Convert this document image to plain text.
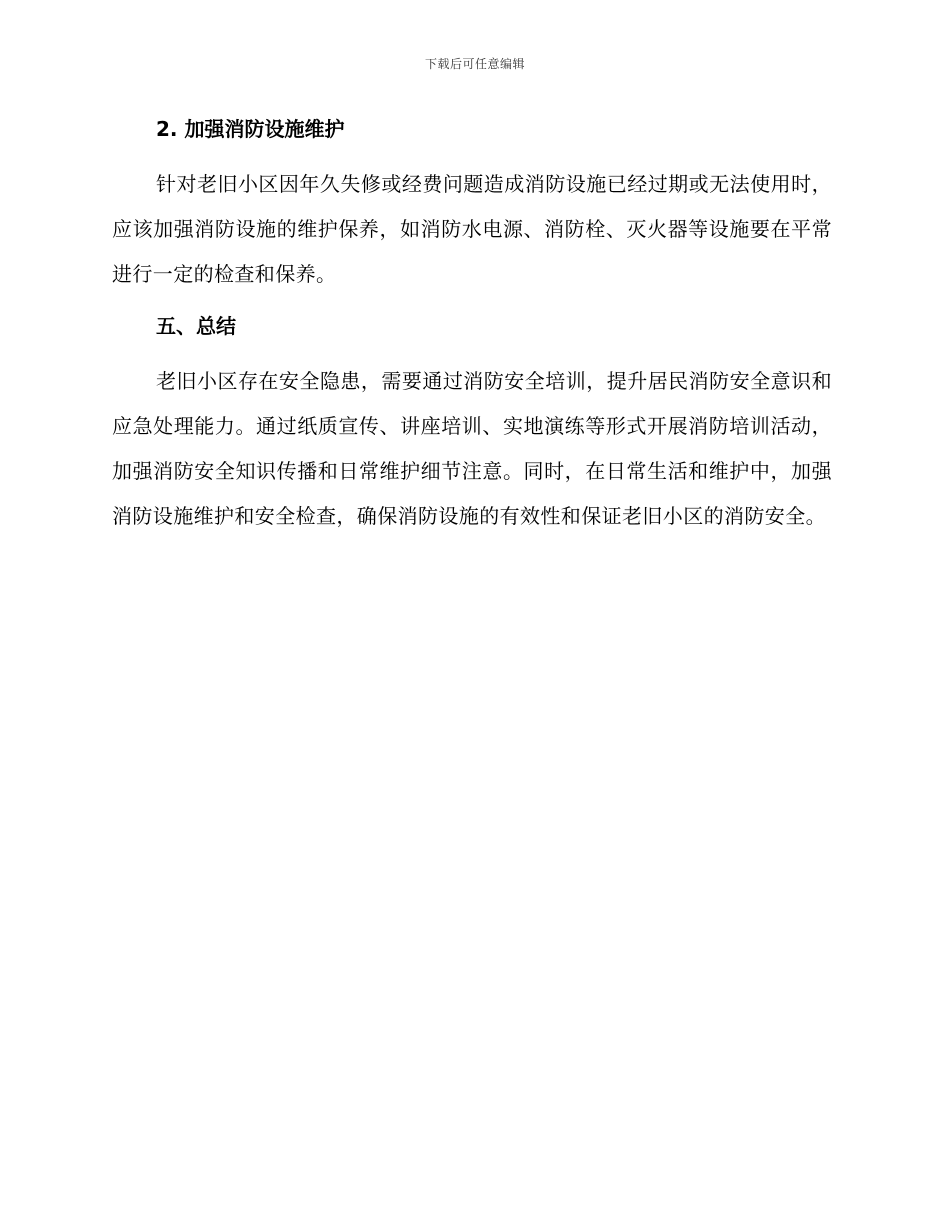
下载后可任意编辑
2. 加强消防设施维护

针对老旧小区因年久失修或经费问题造成消防设施已经过期或无法使用时，应该加强消防设施的维护保养，如消防水电源、消防栓、灭火器等设施要在平常进行一定的检查和保养。

五、总结

老旧小区存在安全隐患，需要通过消防安全培训，提升居民消防安全意识和应急处理能力。通过纸质宣传、讲座培训、实地演练等形式开展消防培训活动，加强消防安全知识传播和日常维护细节注意。同时，在日常生活和维护中，加强消防设施维护和安全检查，确保消防设施的有效性和保证老旧小区的消防安全。
